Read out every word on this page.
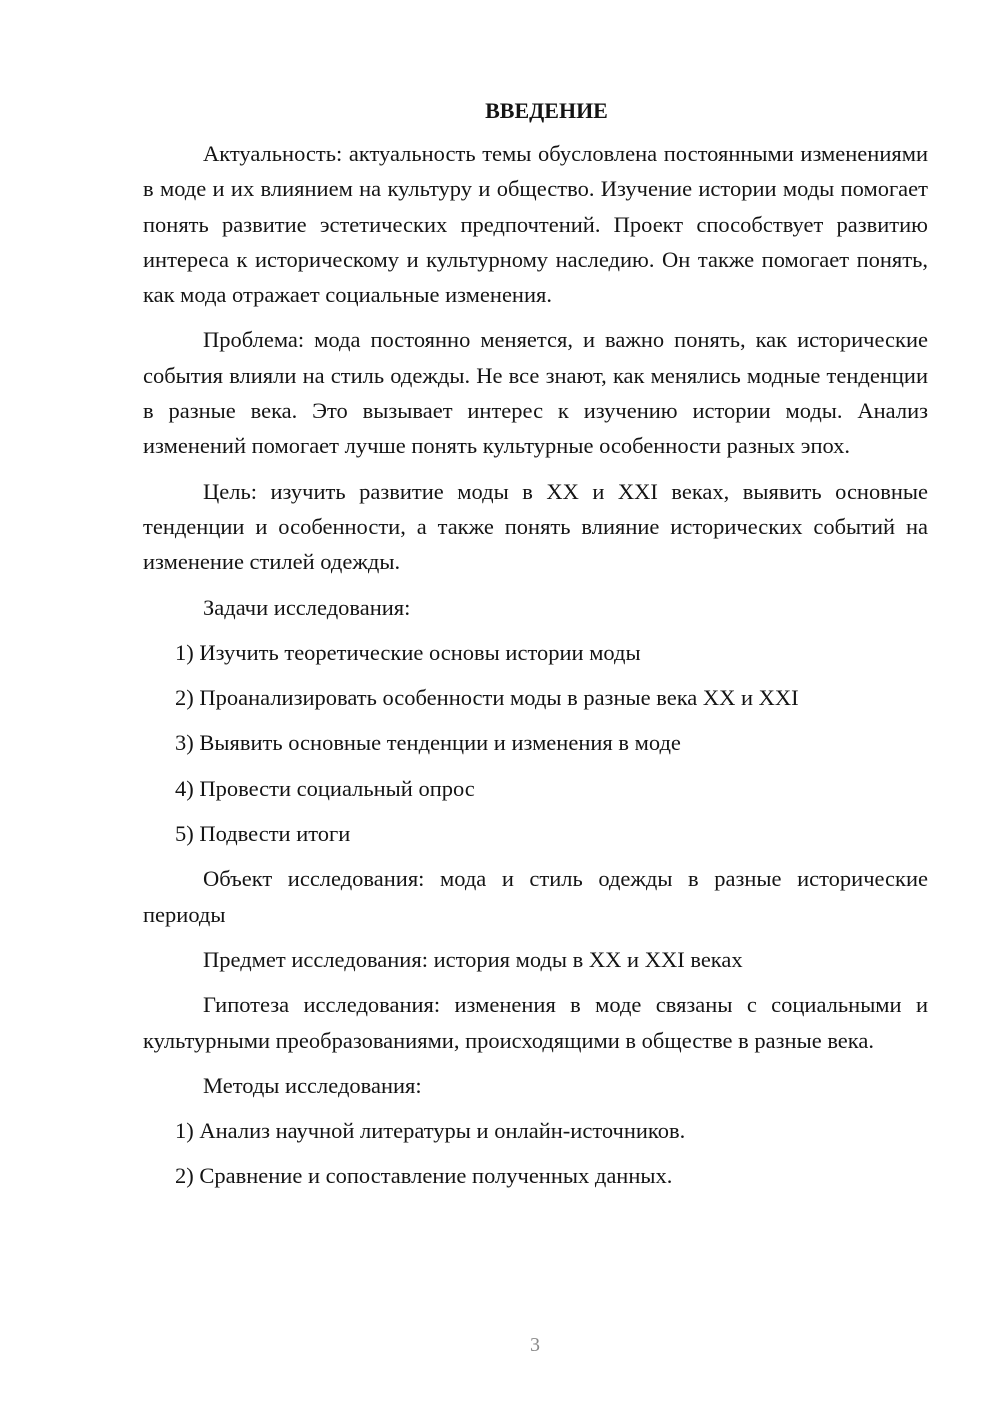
ВВЕДЕНИЕ

Актуальность: актуальность темы обусловлена постоянными изменениями в моде и их влиянием на культуру и общество. Изучение истории моды помогает понять развитие эстетических предпочтений. Проект способствует развитию интереса к историческому и культурному наследию. Он также помогает понять, как мода отражает социальные изменения.

Проблема: мода постоянно меняется, и важно понять, как исторические события влияли на стиль одежды. Не все знают, как менялись модные тенденции в разные века. Это вызывает интерес к изучению истории моды. Анализ изменений помогает лучше понять культурные особенности разных эпох.

Цель: изучить развитие моды в XX и XXI веках, выявить основные тенденции и особенности, а также понять влияние исторических событий на изменение стилей одежды.

Задачи исследования:

1) Изучить теоретические основы истории моды
2) Проанализировать особенности моды в разные века XX и XXI
3) Выявить основные тенденции и изменения в моде
4) Провести социальный опрос
5) Подвести итоги

Объект исследования: мода и стиль одежды в разные исторические периоды

Предмет исследования: история моды в XX и XXI веках

Гипотеза исследования: изменения в моде связаны с социальными и культурными преобразованиями, происходящими в обществе в разные века.

Методы исследования:

1) Анализ научной литературы и онлайн-источников.
2) Сравнение и сопоставление полученных данных.
3
